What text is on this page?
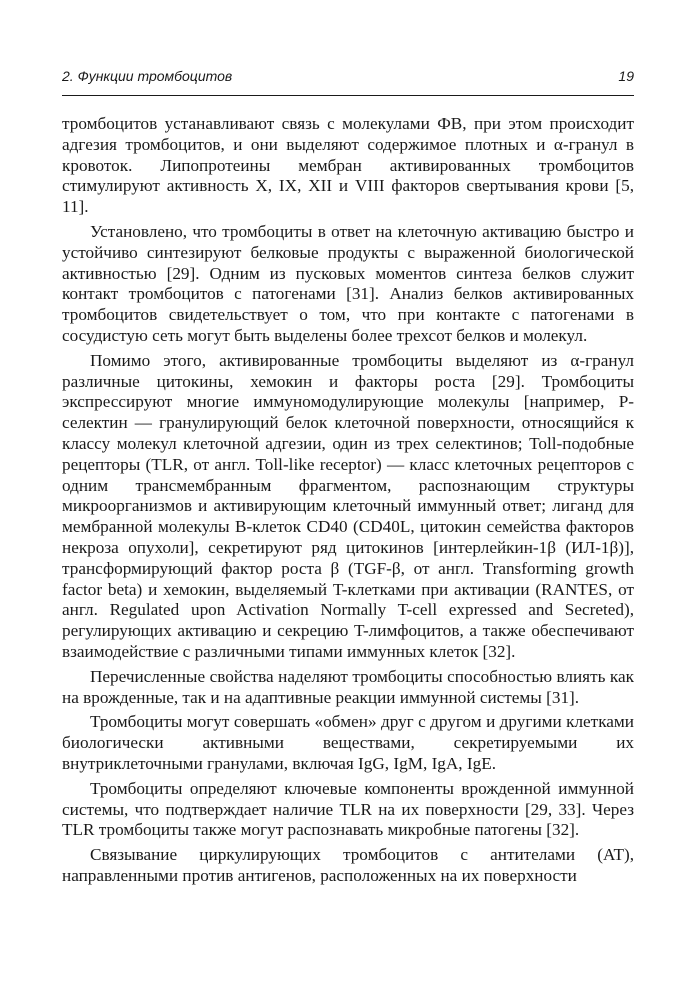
2. Функции тромбоцитов	19

тромбоцитов устанавливают связь с молекулами ФВ, при этом происходит адгезия тромбоцитов, и они выделяют содержимое плотных и α-гранул в кровоток. Липопротеины мембран активированных тромбоцитов стимулируют активность X, IX, XII и VIII факторов свертывания крови [5, 11].

Установлено, что тромбоциты в ответ на клеточную активацию быстро и устойчиво синтезируют белковые продукты с выраженной биологической активностью [29]. Одним из пусковых моментов синтеза белков служит контакт тромбоцитов с патогенами [31]. Анализ белков активированных тромбоцитов свидетельствует о том, что при контакте с патогенами в сосудистую сеть могут быть выделены более трехсот белков и молекул.

Помимо этого, активированные тромбоциты выделяют из α-гранул различные цитокины, хемокин и факторы роста [29]. Тромбоциты экспрессируют многие иммуномодулирующие молекулы [например, P-селектин — гранулирующий белок клеточной поверхности, относящийся к классу молекул клеточной адгезии, один из трех селектинов; Toll-подобные рецепторы (TLR, от англ. Toll-like receptor) — класс клеточных рецепторов с одним трансмембранным фрагментом, распознающим структуры микроорганизмов и активирующим клеточный иммунный ответ; лиганд для мембранной молекулы B-клеток CD40 (CD40L, цитокин семейства факторов некроза опухоли], секретируют ряд цитокинов [интерлейкин-1β (ИЛ-1β)], трансформирующий фактор роста β (TGF-β, от англ. Transforming growth factor beta) и хемокин, выделяемый T-клетками при активации (RANTES, от англ. Regulated upon Activation Normally T-cell expressed and Secreted), регулирующих активацию и секрецию T-лимфоцитов, а также обеспечивают взаимодействие с различными типами иммунных клеток [32].

Перечисленные свойства наделяют тромбоциты способностью влиять как на врожденные, так и на адаптивные реакции иммунной системы [31].

Тромбоциты могут совершать «обмен» друг с другом и другими клетками биологически активными веществами, секретируемыми их внутриклеточными гранулами, включая IgG, IgM, IgA, IgE.

Тромбоциты определяют ключевые компоненты врожденной иммунной системы, что подтверждает наличие TLR на их поверхности [29, 33]. Через TLR тромбоциты также могут распознавать микробные патогены [32].

Связывание циркулирующих тромбоцитов с антителами (AT), направленными против антигенов, расположенных на их поверхности
